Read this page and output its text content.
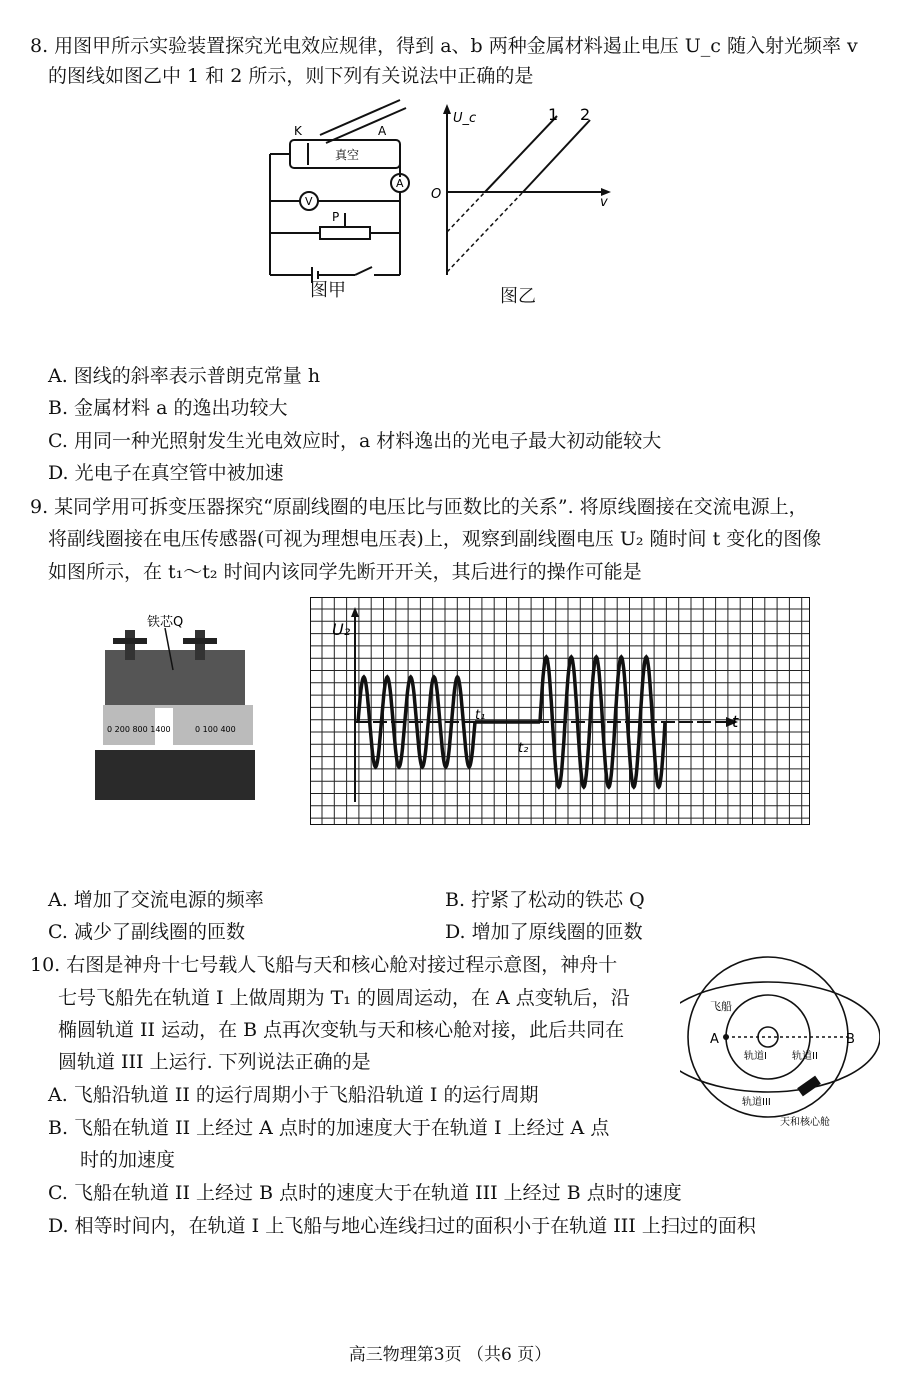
8. 用图甲所示实验装置探究光电效应规律，得到 a、b 两种金属材料遏止电压 U_c 随入射光频率 v
的图线如图乙中 1 和 2 所示，则下列有关说法中正确的是
K	A
真空
A
V
P
图甲
U_c
v
O
1 2
图乙
A. 图线的斜率表示普朗克常量 h
B. 金属材料 a 的逸出功较大
C. 用同一种光照射发生光电效应时，a 材料逸出的光电子最大初动能较大
D. 光电子在真空管中被加速
9. 某同学用可拆变压器探究“原副线圈的电压比与匝数比的关系”. 将原线圈接在交流电源上，
将副线圈接在电压传感器(可视为理想电压表)上，观察到副线圈电压 U₂ 随时间 t 变化的图像
如图所示，在 t₁～t₂ 时间内该同学先断开开关，其后进行的操作可能是
铁芯Q
0 200 800 1400	0 100 400
U₂
t
t₁
t₂
A. 增加了交流电源的频率	B. 拧紧了松动的铁芯 Q
C. 减少了副线圈的匝数	D. 增加了原线圈的匝数
10. 右图是神舟十七号载人飞船与天和核心舱对接过程示意图，神舟十
七号飞船先在轨道 I 上做周期为 T₁ 的圆周运动，在 A 点变轨后，沿
椭圆轨道 II 运动，在 B 点再次变轨与天和核心舱对接，此后共同在
圆轨道 III 上运行. 下列说法正确的是
飞船
A	B
轨道I	轨道II
轨道III
天和核心舱
A. 飞船沿轨道 II 的运行周期小于飞船沿轨道 I 的运行周期
B. 飞船在轨道 II 上经过 A 点时的加速度大于在轨道 I 上经过 A 点
时的加速度
C. 飞船在轨道 II 上经过 B 点时的速度大于在轨道 III 上经过 B 点时的速度
D. 相等时间内，在轨道 I 上飞船与地心连线扫过的面积小于在轨道 III 上扫过的面积
高三物理第3页 （共6 页）
